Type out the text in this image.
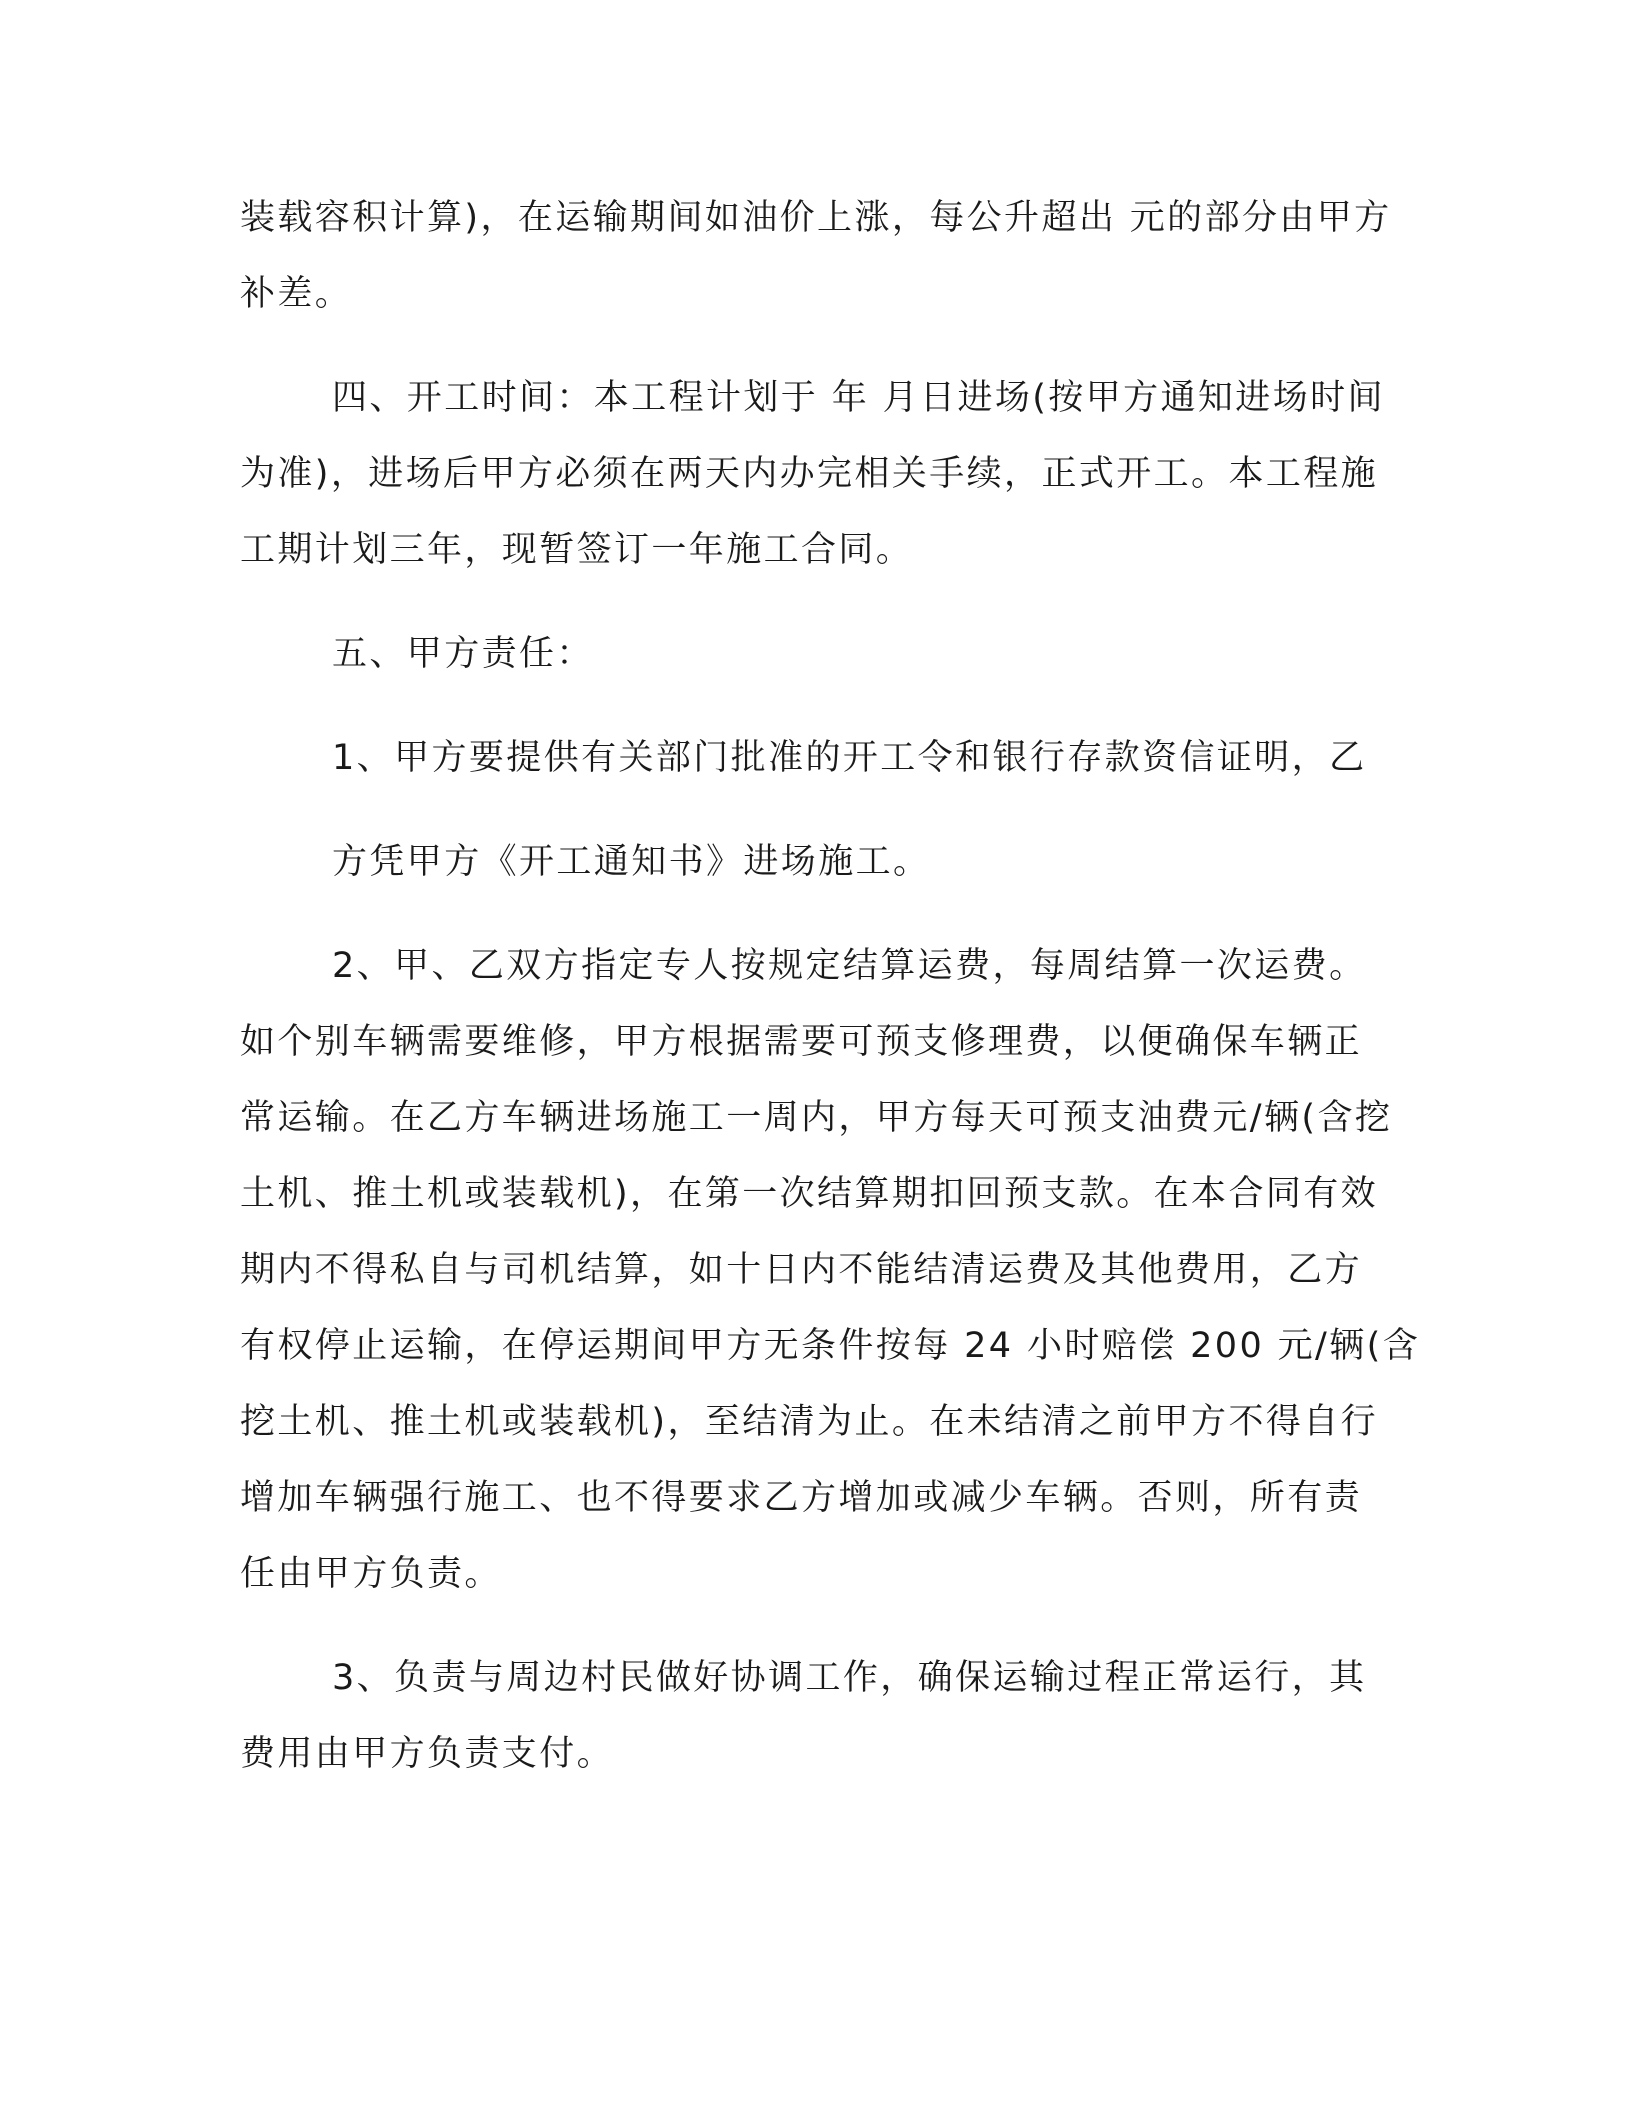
装载容积计算)，在运输期间如油价上涨，每公升超出 元的部分由甲方

补差。

四、开工时间：本工程计划于 年 月日进场(按甲方通知进场时间

为准)，进场后甲方必须在两天内办完相关手续，正式开工。本工程施

工期计划三年，现暂签订一年施工合同。

五、甲方责任：

1、甲方要提供有关部门批准的开工令和银行存款资信证明，乙

方凭甲方《开工通知书》进场施工。

2、甲、乙双方指定专人按规定结算运费，每周结算一次运费。

如个别车辆需要维修，甲方根据需要可预支修理费，以便确保车辆正

常运输。在乙方车辆进场施工一周内，甲方每天可预支油费元/辆(含挖

土机、推土机或装载机)，在第一次结算期扣回预支款。在本合同有效

期内不得私自与司机结算，如十日内不能结清运费及其他费用，乙方

有权停止运输，在停运期间甲方无条件按每 24 小时赔偿 200 元/辆(含

挖土机、推土机或装载机)，至结清为止。在未结清之前甲方不得自行

增加车辆强行施工、也不得要求乙方增加或减少车辆。否则，所有责

任由甲方负责。

3、负责与周边村民做好协调工作，确保运输过程正常运行，其

费用由甲方负责支付。
